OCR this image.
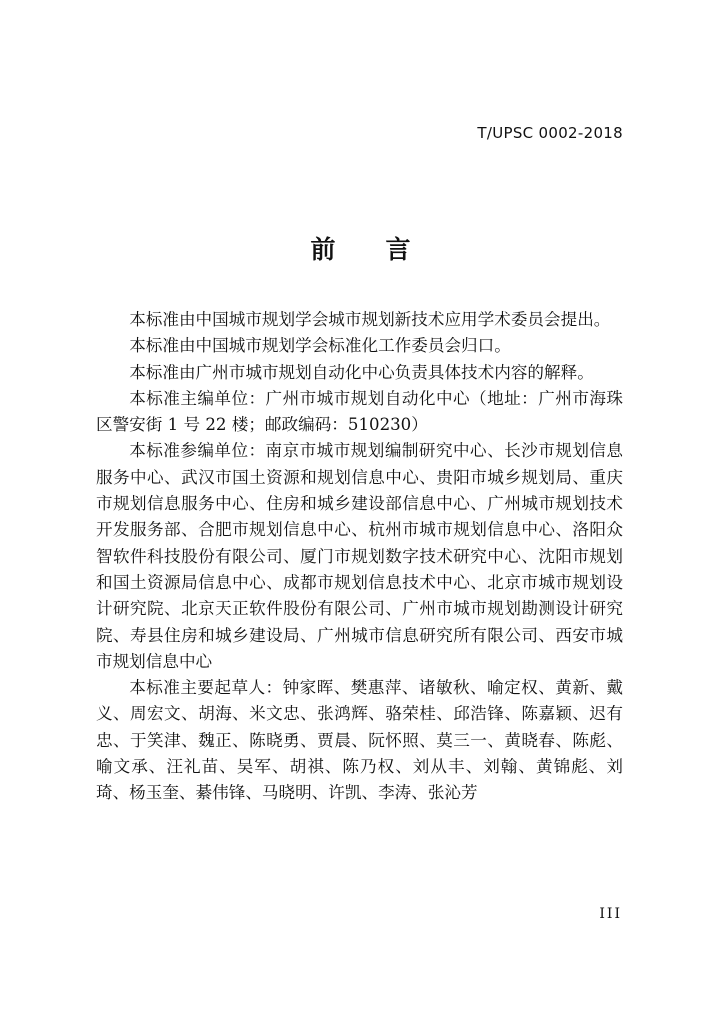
T/UPSC 0002-2018
前 言

本标准由中国城市规划学会城市规划新技术应用学术委员会提出。

本标准由中国城市规划学会标准化工作委员会归口。

本标准由广州市城市规划自动化中心负责具体技术内容的解释。

本标准主编单位：广州市城市规划自动化中心（地址：广州市海珠区警安街 1 号 22 楼；邮政编码：510230）

本标准参编单位：南京市城市规划编制研究中心、长沙市规划信息服务中心、武汉市国土资源和规划信息中心、贵阳市城乡规划局、重庆市规划信息服务中心、住房和城乡建设部信息中心、广州城市规划技术开发服务部、合肥市规划信息中心、杭州市城市规划信息中心、洛阳众智软件科技股份有限公司、厦门市规划数字技术研究中心、沈阳市规划和国土资源局信息中心、成都市规划信息技术中心、北京市城市规划设计研究院、北京天正软件股份有限公司、广州市城市规划勘测设计研究院、寿县住房和城乡建设局、广州城市信息研究所有限公司、西安市城市规划信息中心

本标准主要起草人：钟家晖、樊惠萍、诸敏秋、喻定权、黄新、戴义、周宏文、胡海、米文忠、张鸿辉、骆荣桂、邱浩锋、陈嘉颖、迟有忠、于笑津、魏正、陈晓勇、贾晨、阮怀照、莫三一、黄晓春、陈彪、喻文承、汪礼苗、吴军、胡祺、陈乃权、刘从丰、刘翰、黄锦彪、刘琦、杨玉奎、綦伟锋、马晓明、许凯、李涛、张沁芳

III
